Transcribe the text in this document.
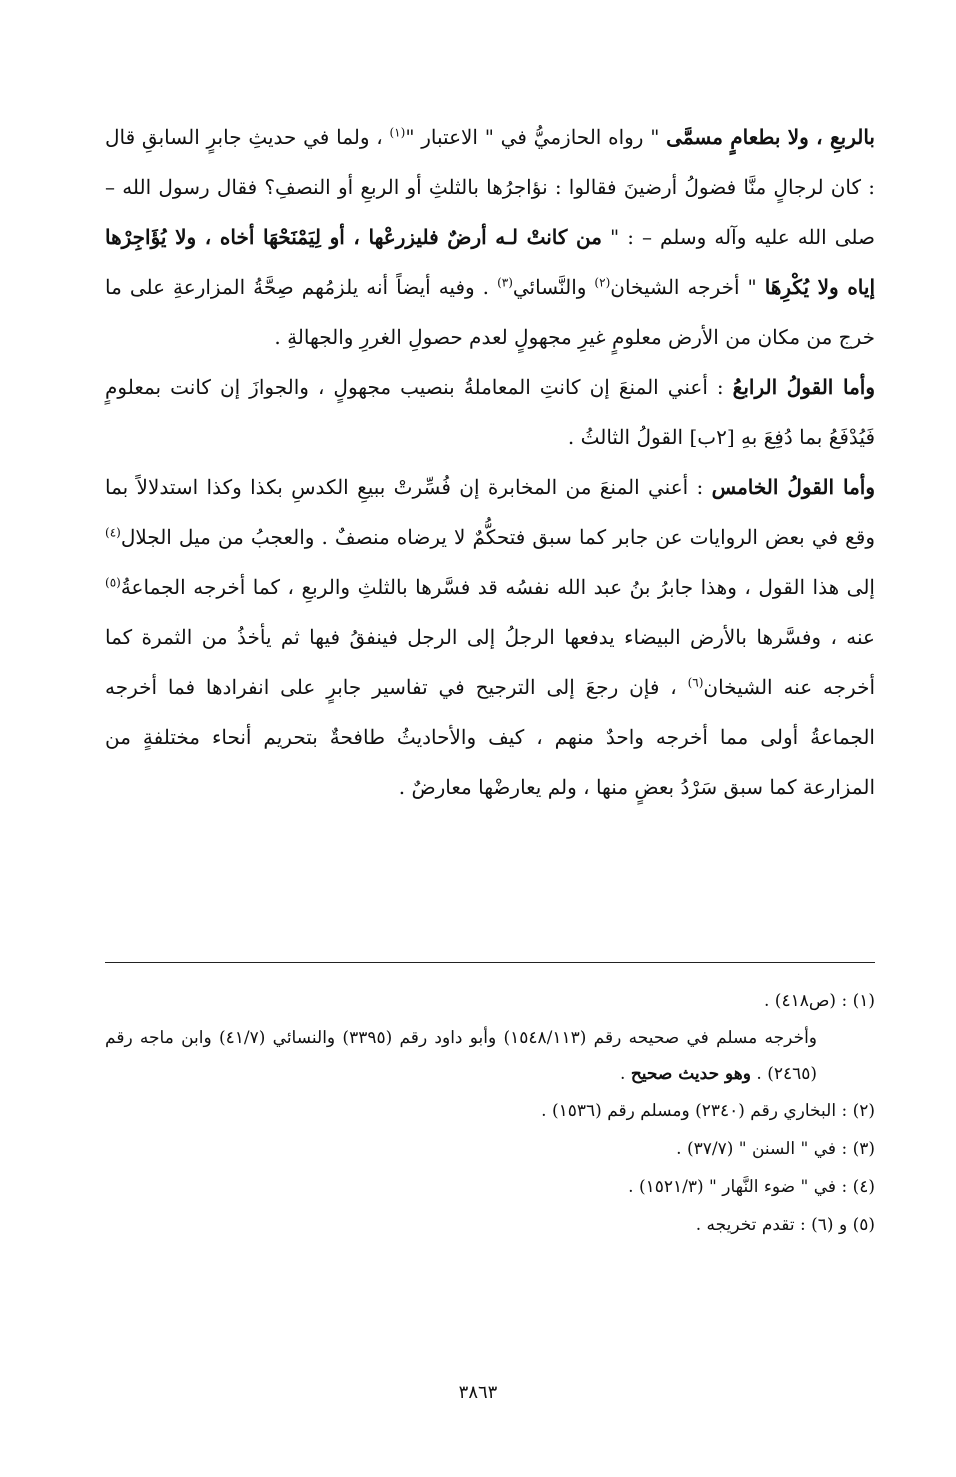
بالربعِ ، ولا بطعامٍ مسمَّى " رواه الحازميُّ في " الاعتبار "$^{(١)}$ ، ولما في حديثِ جابرٍ السابقِ قال : كان لرجالٍ منَّا فضولُ أرضينَ فقالوا : نؤاجرُها بالثلثِ أو الربعِ أو النصفِ؟ فقال رسول الله – صلى الله عليه وآله وسلم – : " من كانتْ لـه أرضٌ فليزرعْها ، أو لِيَمْنَحْهَا أخاه ، ولا يُؤَاجِرْها إياه ولا يُكْرِهَا " أخرجه الشيخان$^{(٢)}$ والنَّسائي$^{(٣)}$ . وفيه أيضاً أنه يلزمُهم صِحَّةُ المزارعةِ على ما خرج من مكان من الأرض معلومٍ غيرِ مجهولٍ لعدم حصولِ الغررِ والجهالةِ .

وأما القولُ الرابعُ : أعني المنعَ إن كانتِ المعاملةُ بنصيب مجهولٍ ، والجوازَ إن كانت بمعلومٍ فَيُدْفَعُ بما دُفِعَ بهِ [٢ب] القولُ الثالثُ .

وأما القولُ الخامس : أعني المنعَ من المخابرة إن فُسِّرتْ ببيعِ الكدسِ بكذا وكذا استدلالاً بما وقع في بعض الروايات عن جابر كما سبق فتحكُّمٌ لا يرضاه منصفٌ . والعجبُ من ميل الجلال$^{(٤)}$ إلى هذا القول ، وهذا جابرُ بنُ عبد الله نفسُه قد فسَّرها بالثلثِ والربعِ ، كما أخرجه الجماعةُ$^{(٥)}$ عنه ، وفسَّرها بالأرض البيضاء يدفعها الرجلُ إلى الرجل فينفقُ فيها ثم يأخذُ من الثمرة كما أخرجه عنه الشيخان$^{(٦)}$ ، فإن رجعَ إلى الترجيح في تفاسير جابرٍ على انفرادها فما أخرجه الجماعةُ أولى مما أخرجه واحدٌ منهم ، كيف والأحاديثُ طافحةٌ بتحريم أنحاء مختلفةٍ من المزارعة كما سبق سَرْدُ بعضٍ منها ، ولم يعارضْها معارضٌ .

(١) : (ص٤١٨) .

وأخرجه مسلم في صحيحه رقم (١٥٤٨/١١٣) وأبو داود رقم (٣٣٩٥) والنسائي (٤١/٧) وابن ماجه رقم (٢٤٦٥) . وهو حديث صحيح .

(٢) : البخاري رقم (٢٣٤٠) ومسلم رقم (١٥٣٦) .

(٣) : في " السنن " (٣٧/٧) .

(٤) : في " ضوء النَّهار " (١٥٢١/٣) .

(٥) و (٦) : تقدم تخريجه .

٣٨٦٣
